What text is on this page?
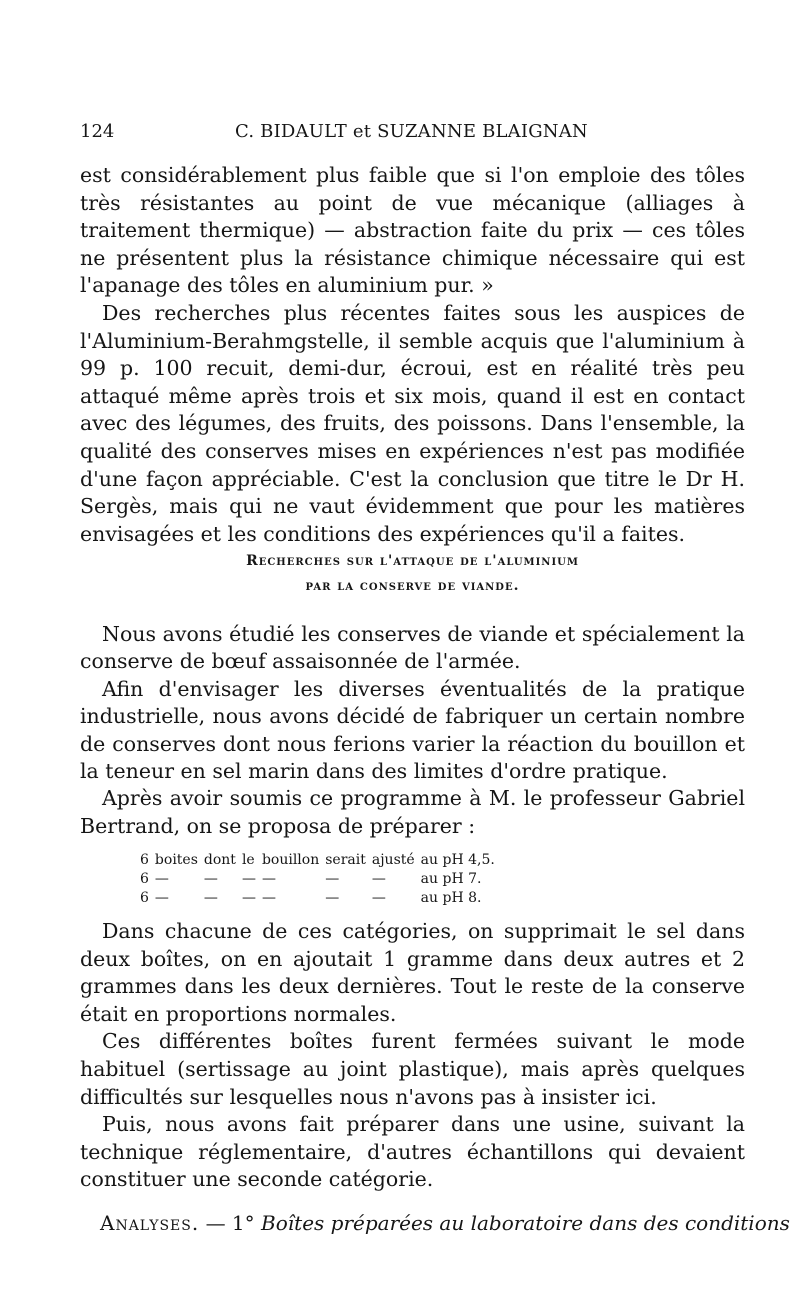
124	C. BIDAULT et SUZANNE BLAIGNAN

est considérablement plus faible que si l'on emploie des tôles très résistantes au point de vue mécanique (alliages à traitement thermique) — abstraction faite du prix — ces tôles ne présentent plus la résistance chimique nécessaire qui est l'apanage des tôles en aluminium pur. »

Des recherches plus récentes faites sous les auspices de l'Aluminium-Berahmgstelle, il semble acquis que l'aluminium à 99 p. 100 recuit, demi-dur, écroui, est en réalité très peu attaqué même après trois et six mois, quand il est en contact avec des légumes, des fruits, des poissons. Dans l'ensemble, la qualité des conserves mises en expériences n'est pas modifiée d'une façon appréciable. C'est la conclusion que titre le Dr H. Sergès, mais qui ne vaut évidemment que pour les matières envisagées et les conditions des expériences qu'il a faites.

Recherches sur l'attaque de l'aluminium
par la conserve de viande.

Nous avons étudié les conserves de viande et spécialement la conserve de bœuf assaisonnée de l'armée.

Afin d'envisager les diverses éventualités de la pratique industrielle, nous avons décidé de fabriquer un certain nombre de conserves dont nous ferions varier la réaction du bouillon et la teneur en sel marin dans des limites d'ordre pratique.

Après avoir soumis ce programme à M. le professeur Gabriel Bertrand, on se proposa de préparer :

6	boites	dont	le	bouillon	serait	ajusté	au pH 4,5.
6	—	—	—	—	—	—	au pH 7.
6	—	—	—	—	—	—	au pH 8.

Dans chacune de ces catégories, on supprimait le sel dans deux boîtes, on en ajoutait 1 gramme dans deux autres et 2 grammes dans les deux dernières. Tout le reste de la conserve était en proportions normales.

Ces différentes boîtes furent fermées suivant le mode habituel (sertissage au joint plastique), mais après quelques difficultés sur lesquelles nous n'avons pas à insister ici.

Puis, nous avons fait préparer dans une usine, suivant la technique réglementaire, d'autres échantillons qui devaient constituer une seconde catégorie.

Analyses. — 1° Boîtes préparées au laboratoire dans des conditions
